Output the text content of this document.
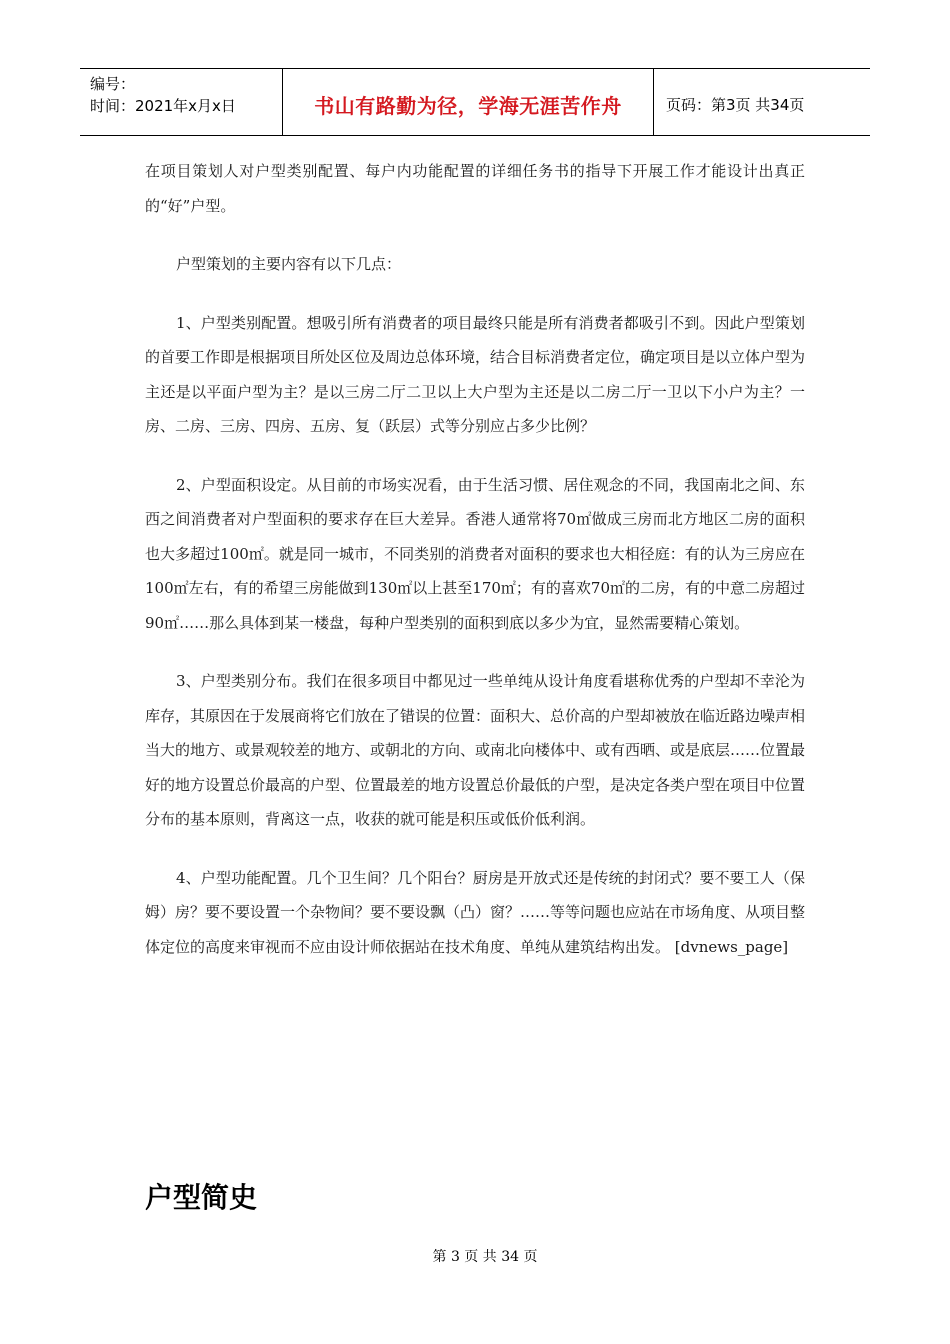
编号：
时间：2021年x月x日	书山有路勤为径，学海无涯苦作舟	页码：第3页 共34页

在项目策划人对户型类别配置、每户内功能配置的详细任务书的指导下开展工作才能设计出真正的“好”户型。

户型策划的主要内容有以下几点：

1、户型类别配置。想吸引所有消费者的项目最终只能是所有消费者都吸引不到。因此户型策划的首要工作即是根据项目所处区位及周边总体环境，结合目标消费者定位，确定项目是以立体户型为主还是以平面户型为主？是以三房二厅二卫以上大户型为主还是以二房二厅一卫以下小户为主？一房、二房、三房、四房、五房、复（跃层）式等分别应占多少比例？

2、户型面积设定。从目前的市场实况看，由于生活习惯、居住观念的不同，我国南北之间、东西之间消费者对户型面积的要求存在巨大差异。香港人通常将70㎡做成三房而北方地区二房的面积也大多超过100㎡。就是同一城市，不同类别的消费者对面积的要求也大相径庭：有的认为三房应在100㎡左右，有的希望三房能做到130㎡以上甚至170㎡；有的喜欢70㎡的二房，有的中意二房超过90㎡……那么具体到某一楼盘，每种户型类别的面积到底以多少为宜，显然需要精心策划。

3、户型类别分布。我们在很多项目中都见过一些单纯从设计角度看堪称优秀的户型却不幸沦为库存，其原因在于发展商将它们放在了错误的位置：面积大、总价高的户型却被放在临近路边噪声相当大的地方、或景观较差的地方、或朝北的方向、或南北向楼体中、或有西晒、或是底层……位置最好的地方设置总价最高的户型、位置最差的地方设置总价最低的户型，是决定各类户型在项目中位置分布的基本原则，背离这一点，收获的就可能是积压或低价低利润。

4、户型功能配置。几个卫生间？几个阳台？厨房是开放式还是传统的封闭式？要不要工人（保姆）房？要不要设置一个杂物间？要不要设飘（凸）窗？……等等问题也应站在市场角度、从项目整体定位的高度来审视而不应由设计师依据站在技术角度、单纯从建筑结构出发。 [dvnews_page]

户型简史
第 3 页 共 34 页
